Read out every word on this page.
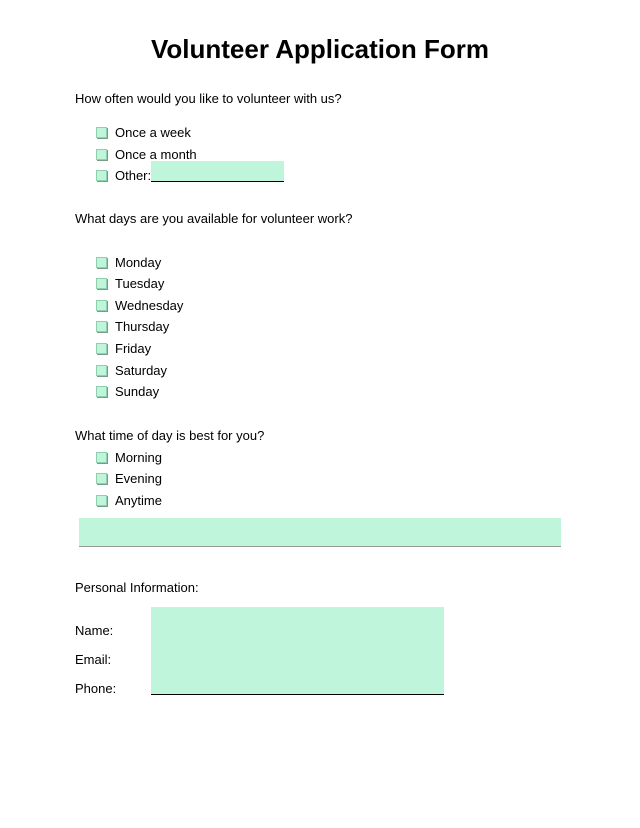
Volunteer Application Form
How often would you like to volunteer with us?
Once a week
Once a month
Other:
What days are you available for volunteer work?
Monday
Tuesday
Wednesday
Thursday
Friday
Saturday
Sunday
What time of day is best for you?
Morning
Evening
Anytime
Personal Information:
Name:
Email:
Phone:
